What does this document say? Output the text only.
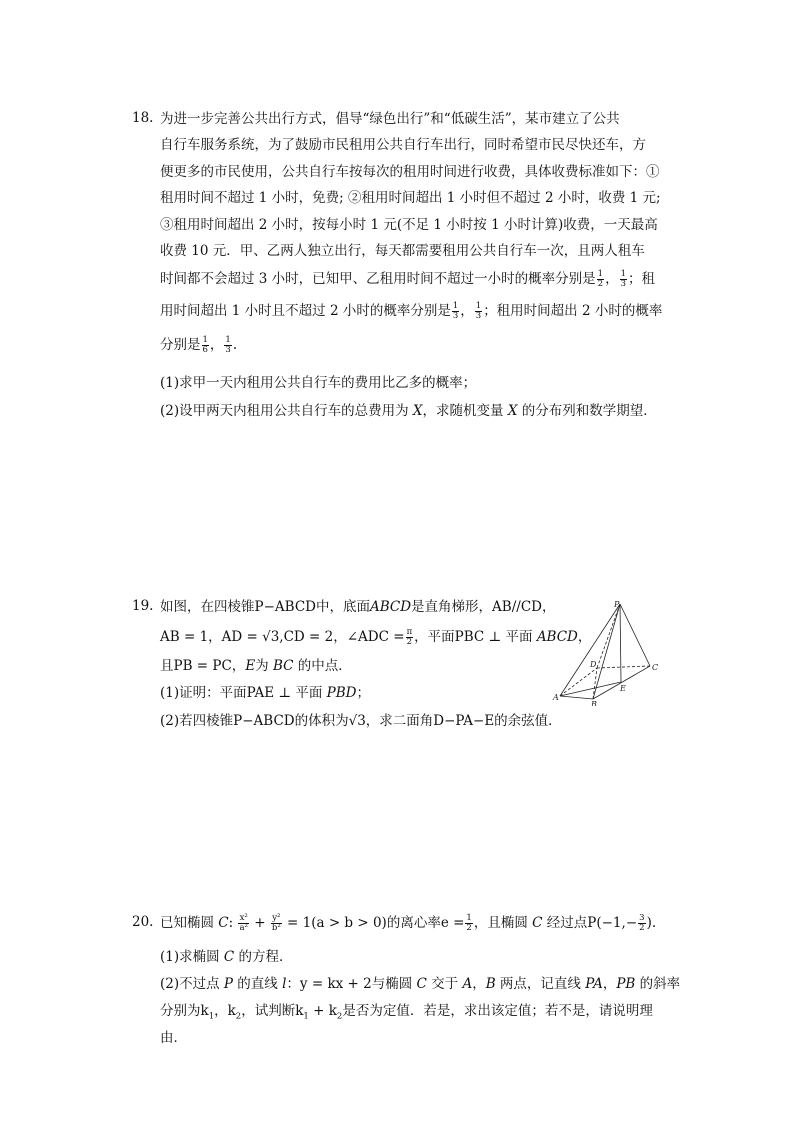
18. 为进一步完善公共出行方式，倡导“绿色出行”和“低碳生活”，某市建立了公共
自行车服务系统，为了鼓励市民租用公共自行车出行，同时希望市民尽快还车，方
便更多的市民使用，公共自行车按每次的租用时间进行收费，具体收费标准如下：①
租用时间不超过 1 小时，免费; ②租用时间超出 1 小时但不超过 2 小时，收费 1 元;
③租用时间超出 2 小时，按每小时 1 元(不足 1 小时按 1 小时计算)收费，一天最高
收费 10 元．甲、乙两人独立出行，每天都需要租用公共自行车一次，且两人租车
时间都不会超过 3 小时，已知甲、乙租用时间不超过一小时的概率分别是 $\frac{1}{2}$ ， $\frac{1}{3}$ ；租
用时间超出 1 小时且不超过 2 小时的概率分别是 $\frac{1}{3}$ ， $\frac{1}{3}$ ；租用时间超出 2 小时的概率
分别是 $\frac{1}{6}$ ， $\frac{1}{3}$ .
(1)求甲一天内租用公共自行车的费用比乙多的概率；
(2)设甲两天内租用公共自行车的总费用为 X，求随机变量 X 的分布列和数学期望．
19. 如图，在四棱锥P−ABCD中，底面ABCD是直角梯形，AB//CD，
AB = 1，AD = √3,CD = 2，∠ADC = $\frac{\pi}{2}$ ，平面PBC ⊥ 平面 ABCD，
且PB = PC，E为 BC 的中点．
(1)证明：平面PAE ⊥ 平面 PBD；
(2)若四棱锥P−ABCD的体积为√3，求二面角D−PA−E的余弦值．
P
D	C
A
B
E
20. 已知椭圆 C: $\frac{\text{x²}}{\text{a²}} + \frac{\text{y²}}{\text{b²}} = 1(a > b > 0)$的离心率$e = \frac{1}{2}$ ，且椭圆 C 经过点$P(-1,- \frac{3}{2}$ ).
(1)求椭圆 C 的方程．
(2)不过点 P 的直线 l：y = kx + 2与椭圆 C 交于 A，B 两点，记直线 PA，PB 的斜率
分别为$k_1$，$k_2$，试判断$k_1 + k_2$是否为定值．若是，求出该定值；若不是，请说明理
由．
